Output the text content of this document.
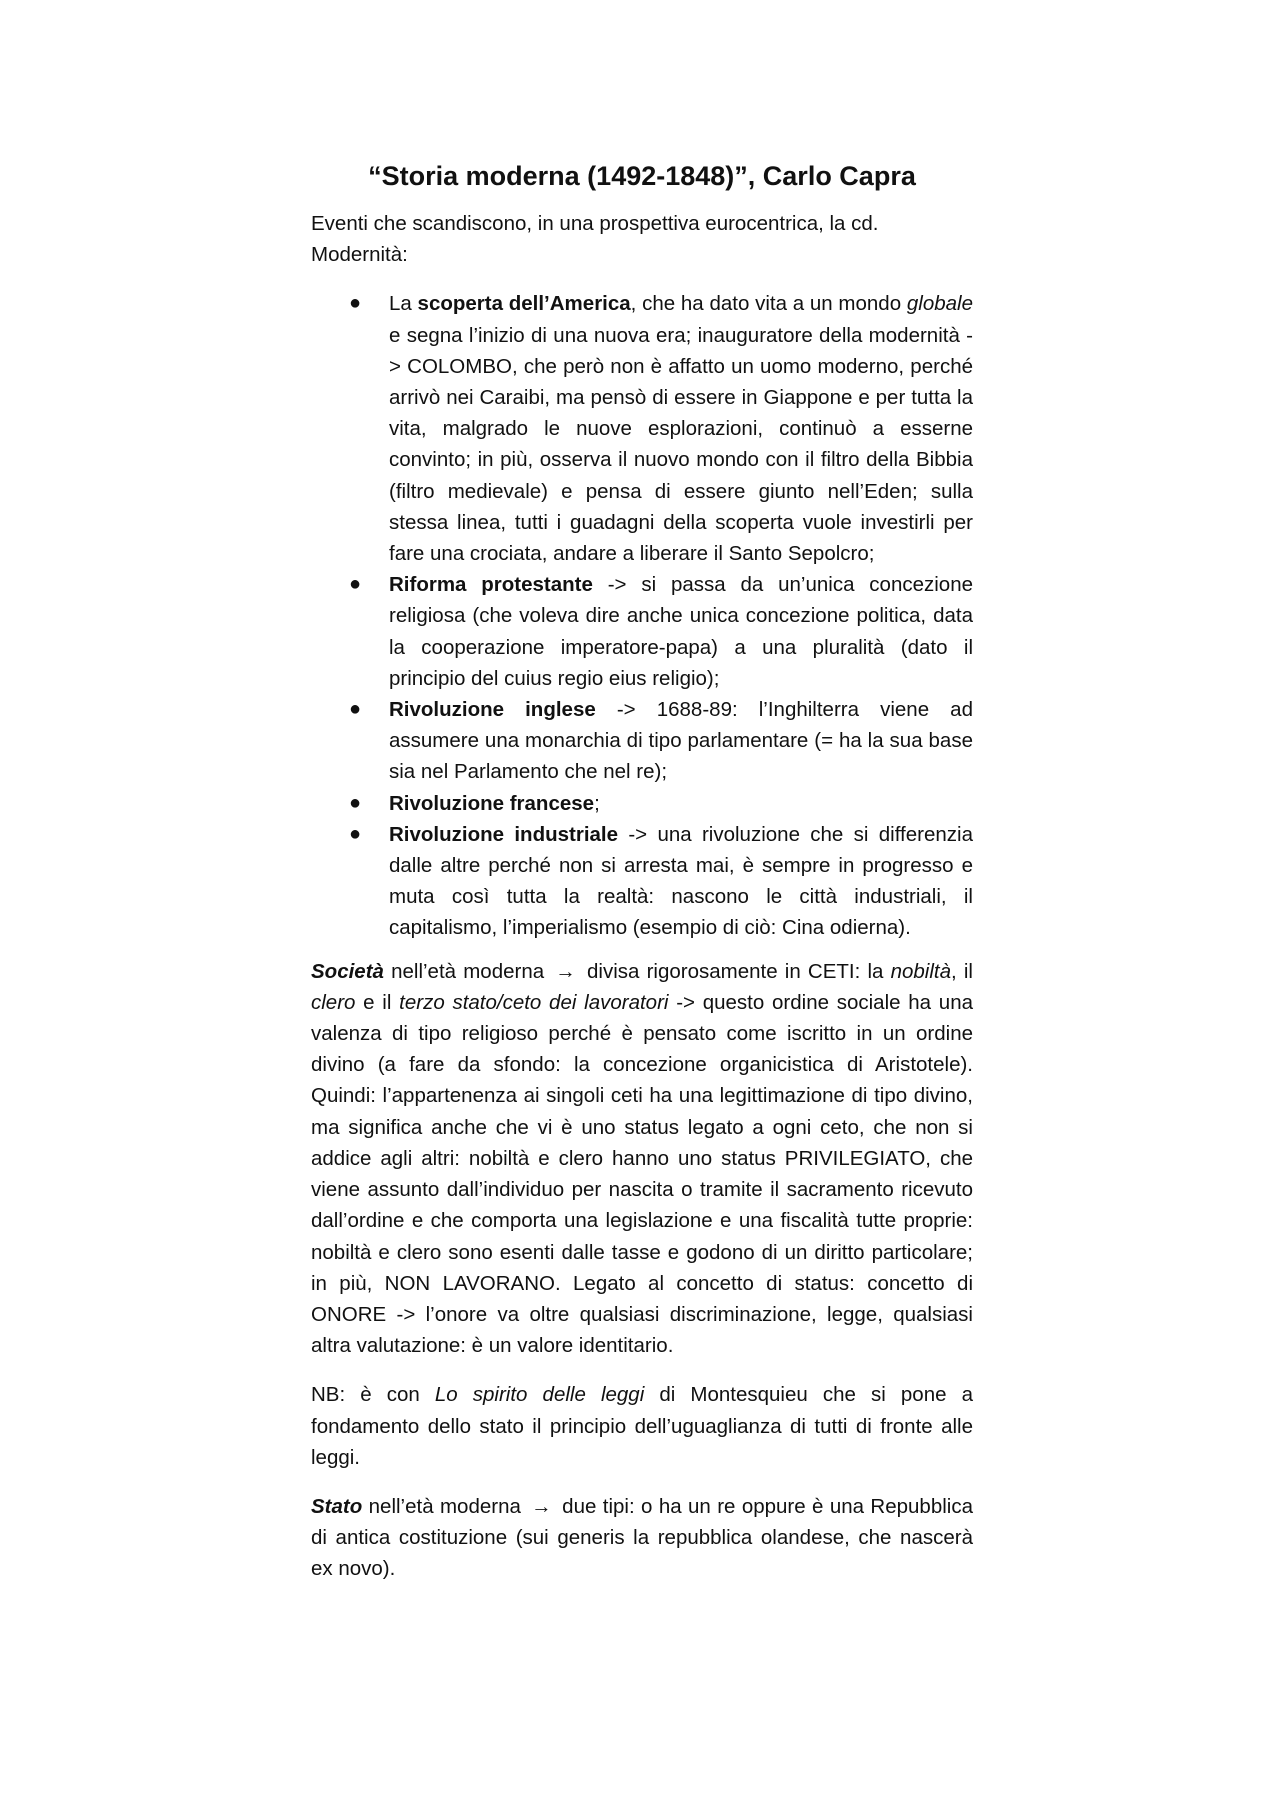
“Storia moderna (1492-1848)”, Carlo Capra

Eventi che scandiscono, in una prospettiva eurocentrica, la cd. Modernità:

● La scoperta dell’America, che ha dato vita a un mondo globale e segna l’inizio di una nuova era; inauguratore della modernità -> COLOMBO, che però non è affatto un uomo moderno, perché arrivò nei Caraibi, ma pensò di essere in Giappone e per tutta la vita, malgrado le nuove esplorazioni, continuò a esserne convinto; in più, osserva il nuovo mondo con il filtro della Bibbia (filtro medievale) e pensa di essere giunto nell’Eden; sulla stessa linea, tutti i guadagni della scoperta vuole investirli per fare una crociata, andare a liberare il Santo Sepolcro;
● Riforma protestante -> si passa da un’unica concezione religiosa (che voleva dire anche unica concezione politica, data la cooperazione imperatore-papa) a una pluralità (dato il principio del cuius regio eius religio);
● Rivoluzione inglese -> 1688-89: l’Inghilterra viene ad assumere una monarchia di tipo parlamentare (= ha la sua base sia nel Parlamento che nel re);
● Rivoluzione francese;
● Rivoluzione industriale -> una rivoluzione che si differenzia dalle altre perché non si arresta mai, è sempre in progresso e muta così tutta la realtà: nascono le città industriali, il capitalismo, l’imperialismo (esempio di ciò: Cina odierna).

Società nell’età moderna → divisa rigorosamente in CETI: la nobiltà, il clero e il terzo stato/ceto dei lavoratori -> questo ordine sociale ha una valenza di tipo religioso perché è pensato come iscritto in un ordine divino (a fare da sfondo: la concezione organicistica di Aristotele). Quindi: l’appartenenza ai singoli ceti ha una legittimazione di tipo divino, ma significa anche che vi è uno status legato a ogni ceto, che non si addice agli altri: nobiltà e clero hanno uno status PRIVILEGIATO, che viene assunto dall’individuo per nascita o tramite il sacramento ricevuto dall’ordine e che comporta una legislazione e una fiscalità tutte proprie: nobiltà e clero sono esenti dalle tasse e godono di un diritto particolare; in più, NON LAVORANO. Legato al concetto di status: concetto di ONORE -> l’onore va oltre qualsiasi discriminazione, legge, qualsiasi altra valutazione: è un valore identitario.

NB: è con Lo spirito delle leggi di Montesquieu che si pone a fondamento dello stato il principio dell’uguaglianza di tutti di fronte alle leggi.

Stato nell’età moderna → due tipi: o ha un re oppure è una Repubblica di antica costituzione (sui generis la repubblica olandese, che nascerà ex novo).
